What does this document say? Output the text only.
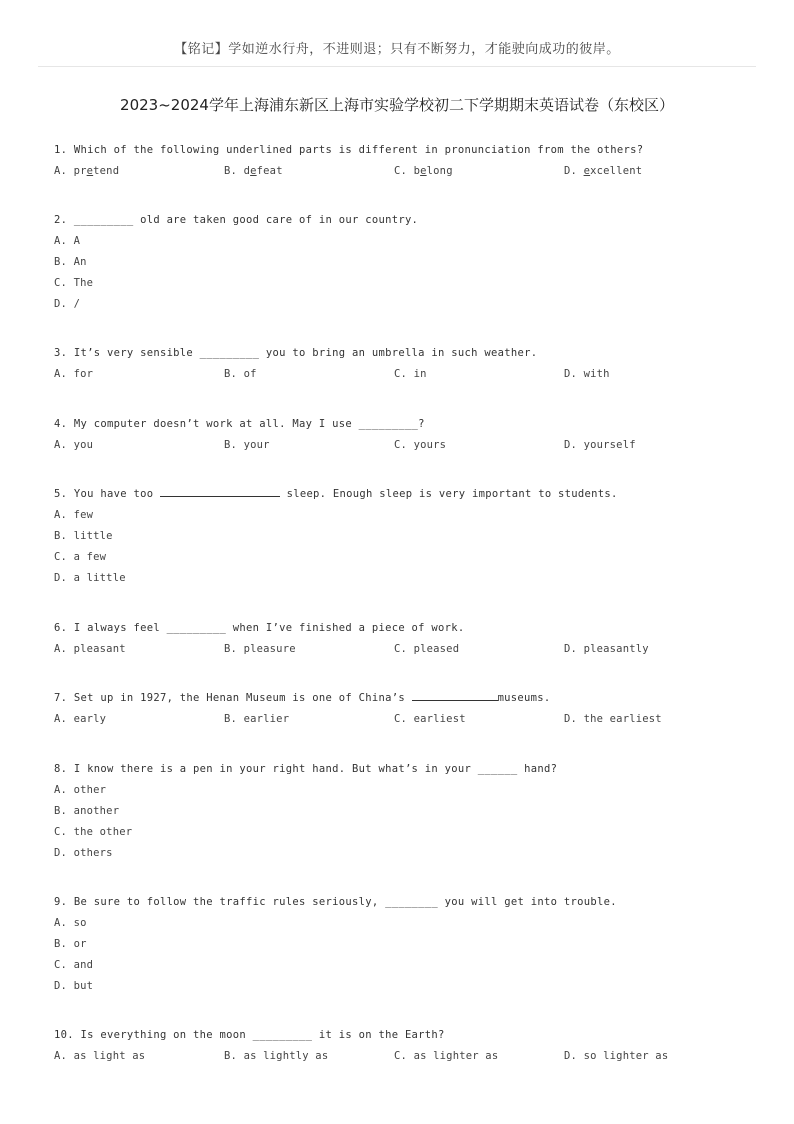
【铭记】学如逆水行舟，不进则退；只有不断努力，才能驶向成功的彼岸。
2023~2024学年上海浦东新区上海市实验学校初二下学期期末英语试卷（东校区）
1. Which of the following underlined parts is different in pronunciation from the others?
A. pretend	B. defeat	C. belong	D. excellent
2. _________ old are taken good care of in our country.
A. A
B. An
C. The
D. /
3. It’s very sensible _________ you to bring an umbrella in such weather.
A. for	B. of	C. in	D. with
4. My computer doesn’t work at all. May I use _________?
A. you	B. your	C. yours	D. yourself
5. You have too	sleep. Enough sleep is very important to students.
A. few
B. little
C. a few
D. a little
6. I always feel _________ when I’ve finished a piece of work.
A. pleasant	B. pleasure	C. pleased	D. pleasantly
7. Set up in 1927, the Henan Museum is one of China’s	museums.
A. early	B. earlier	C. earliest	D. the earliest
8. I know there is a pen in your right hand. But what’s in your ______ hand?
A. other
B. another
C. the other
D. others
9. Be sure to follow the traffic rules seriously, ________ you will get into trouble.
A. so
B. or
C. and
D. but
10. Is everything on the moon _________ it is on the Earth?
A. as light as	B. as lightly as	C. as lighter as	D. so lighter as
